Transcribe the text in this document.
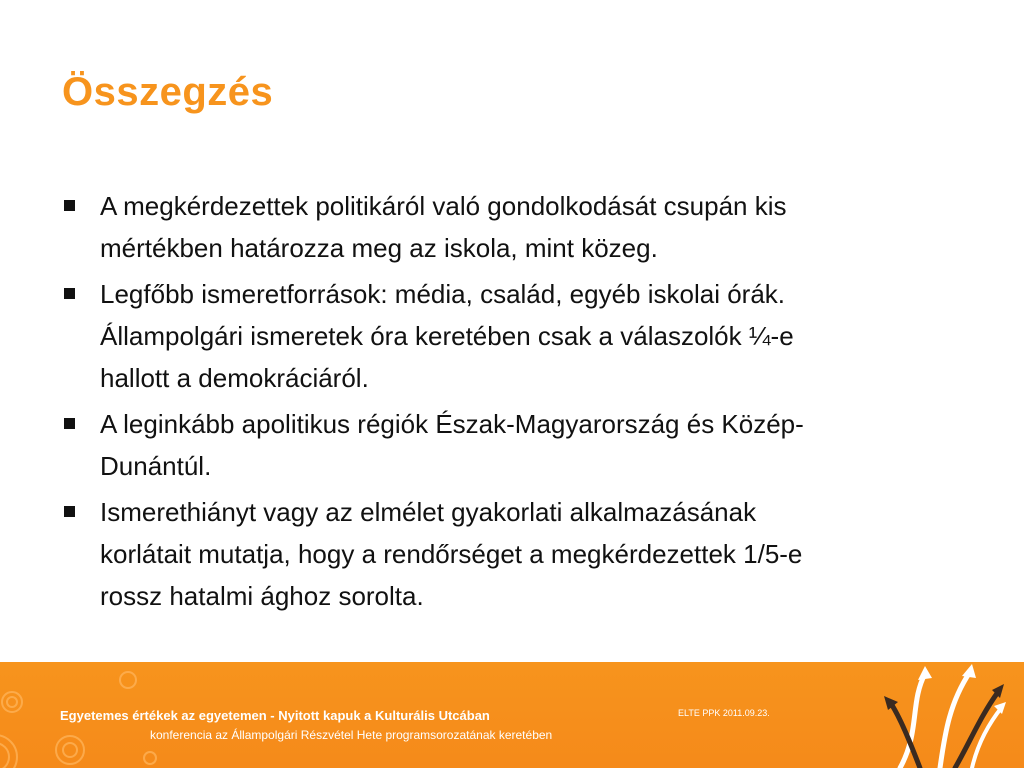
Összegzés
A megkérdezettek politikáról való gondolkodását csupán kis
mértékben határozza meg az iskola, mint közeg.
Legfőbb ismeretforrások: média, család, egyéb iskolai órák.
Állampolgári ismeretek óra keretében csak a válaszolók ¼-e
hallott a demokráciáról.
A leginkább apolitikus régiók Észak-Magyarország és Közép-
Dunántúl.
Ismerethiányt vagy az elmélet gyakorlati alkalmazásának
korlátait mutatja, hogy a rendőrséget a megkérdezettek 1/5-e
rossz hatalmi ághoz sorolta.
Egyetemes értékek az egyetemen - Nyitott kapuk a Kulturális Utcában
konferencia az Állampolgári Részvétel Hete programsorozatának keretében
ELTE PPK 2011.09.23.
